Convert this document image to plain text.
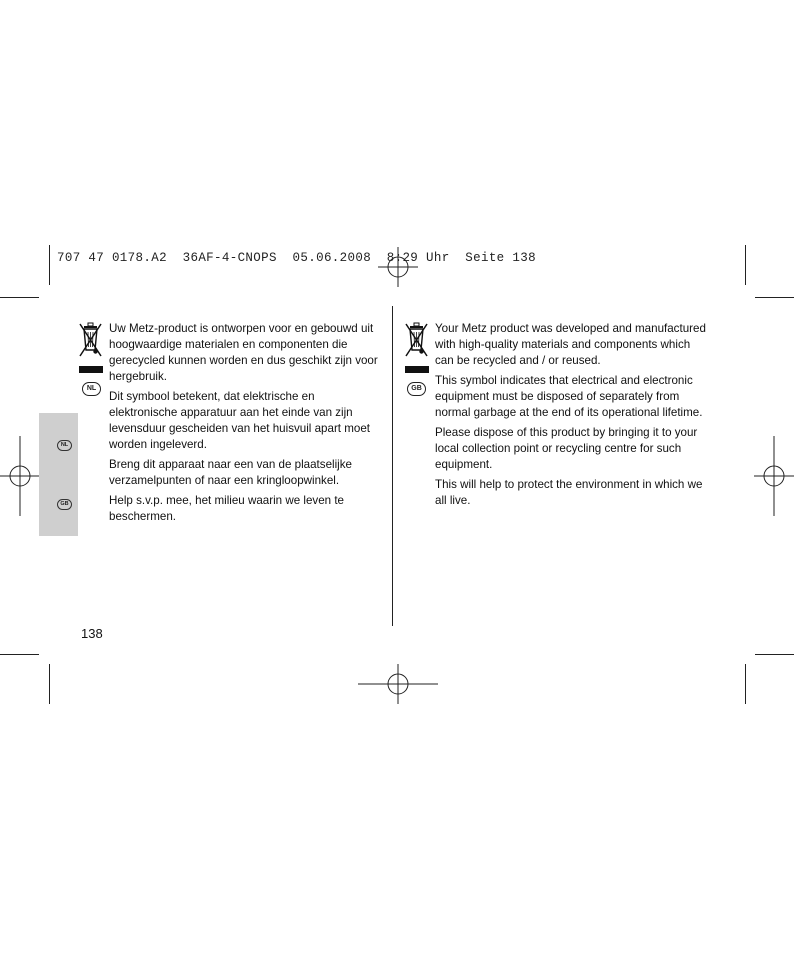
707 47 0178.A2  36AF-4-CNOPS  05.06.2008  8:29 Uhr  Seite 138
NL
GB
NL

Uw Metz-product is ontworpen voor en gebouwd uit hoogwaardige materialen en componenten die gerecycled kunnen worden en dus geschikt zijn voor hergebruik.

Dit symbool betekent, dat elektrische en elektronische apparatuur aan het einde van zijn levensduur gescheiden van het huisvuil apart moet worden ingeleverd.

Breng dit apparaat naar een van de plaatselijke verzamelpunten of naar een kringloopwinkel.

Help s.v.p. mee, het milieu waarin we leven te beschermen.

GB

Your Metz product was developed and manufactured with high-quality materials and components which can be recycled and / or reused.

This symbol indicates that electrical and electronic equipment must be disposed of separately from normal garbage at the end of its operational lifetime.

Please dispose of this product by bringing it to your local collection point or recycling centre for such equipment.

This will help to protect the environment in which we all live.

138
